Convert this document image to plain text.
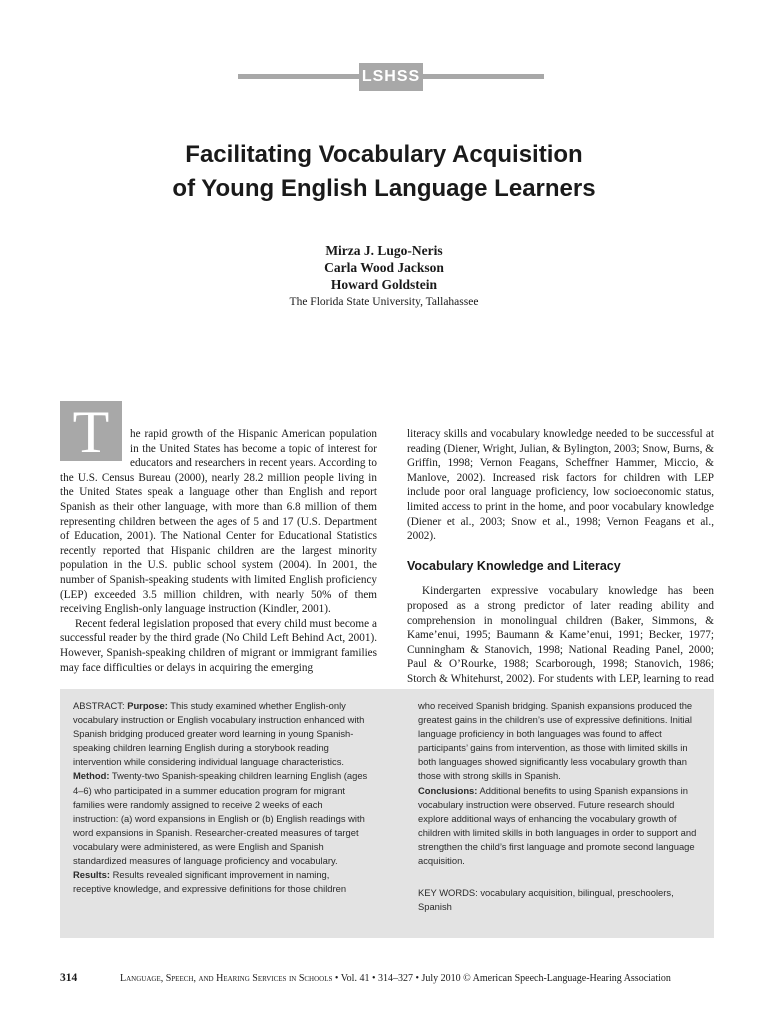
LSHSS
Facilitating Vocabulary Acquisition
of Young English Language Learners
Mirza J. Lugo-Neris
Carla Wood Jackson
Howard Goldstein
The Florida State University, Tallahassee

T	he rapid growth of the Hispanic American population in the United States has become a topic of interest for educators and researchers in recent years. According to the U.S. Census Bureau (2000), nearly 28.2 million people living in the United States speak a language other than English and report Spanish as their other language, with more than 6.8 million of them representing children between the ages of 5 and 17 (U.S. Department of Education, 2001). The National Center for Educational Statistics recently reported that Hispanic children are the largest minority population in the U.S. public school system (2004). In 2001, the number of Spanish-speaking students with limited English proficiency (LEP) exceeded 3.5 million children, with nearly 50% of them receiving English-only language instruction (Kindler, 2001).

Recent federal legislation proposed that every child must become a successful reader by the third grade (No Child Left Behind Act, 2001). However, Spanish-speaking children of migrant or immigrant families may face difficulties or delays in acquiring the emerging

literacy skills and vocabulary knowledge needed to be successful at reading (Diener, Wright, Julian, & Bylington, 2003; Snow, Burns, & Griffin, 1998; Vernon Feagans, Scheffner Hammer, Miccio, & Manlove, 2002). Increased risk factors for children with LEP include poor oral language proficiency, low socioeconomic status, limited access to print in the home, and poor vocabulary knowledge (Diener et al., 2003; Snow et al., 1998; Vernon Feagans et al., 2002).

Vocabulary Knowledge and Literacy

Kindergarten expressive vocabulary knowledge has been proposed as a strong predictor of later reading ability and comprehension in monolingual children (Baker, Simmons, & Kame’enui, 1995; Baumann & Kame’enui, 1991; Becker, 1977; Cunningham & Stanovich, 1998; National Reading Panel, 2000; Paul & O’Rourke, 1988; Scarborough, 1998; Stanovich, 1986; Storch & Whitehurst, 2002). For students with LEP, learning to read

ABSTRACT: Purpose: This study examined whether English-only vocabulary instruction or English vocabulary instruction enhanced with Spanish bridging produced greater word learning in young Spanish-speaking children learning English during a storybook reading intervention while considering individual language characteristics.

Method: Twenty-two Spanish-speaking children learning English (ages 4–6) who participated in a summer education program for migrant families were randomly assigned to receive 2 weeks of each instruction: (a) word expansions in English or (b) English readings with word expansions in Spanish. Researcher-created measures of target vocabulary were administered, as were English and Spanish standardized measures of language proficiency and vocabulary.

Results: Results revealed significant improvement in naming, receptive knowledge, and expressive definitions for those children

who received Spanish bridging. Spanish expansions produced the greatest gains in the children’s use of expressive definitions. Initial language proficiency in both languages was found to affect participants’ gains from intervention, as those with limited skills in both languages showed significantly less vocabulary growth than those with strong skills in Spanish.

Conclusions: Additional benefits to using Spanish expansions in vocabulary instruction were observed. Future research should explore additional ways of enhancing the vocabulary growth of children with limited skills in both languages in order to support and strengthen the child’s first language and promote second language acquisition.

KEY WORDS: vocabulary acquisition, bilingual, preschoolers, Spanish

314	Language, Speech, and Hearing Services in Schools • Vol. 41 • 314–327 • July 2010 © American Speech-Language-Hearing Association
